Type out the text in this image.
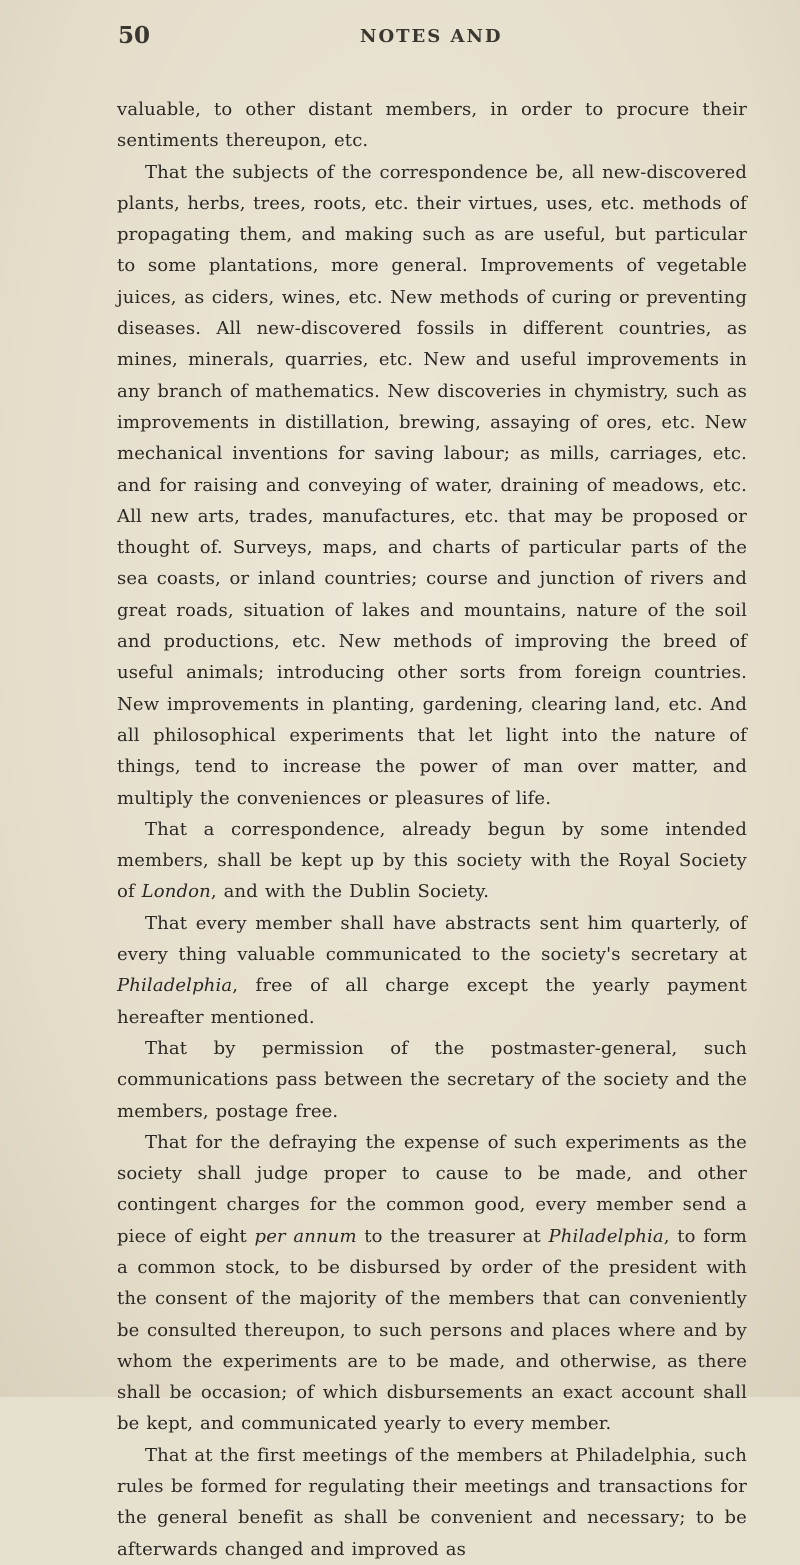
50	NOTES AND

valuable, to other distant members, in order to procure their sentiments thereupon, etc.

That the subjects of the correspondence be, all new-discovered plants, herbs, trees, roots, etc. their virtues, uses, etc. methods of propagating them, and making such as are useful, but particular to some plantations, more general. Improvements of vegetable juices, as ciders, wines, etc. New methods of curing or preventing diseases. All new-discovered fossils in different countries, as mines, minerals, quarries, etc. New and useful improvements in any branch of mathematics. New discoveries in chymistry, such as improvements in distillation, brewing, assaying of ores, etc. New mechanical inventions for saving labour; as mills, carriages, etc. and for raising and conveying of water, draining of meadows, etc. All new arts, trades, manufactures, etc. that may be proposed or thought of. Surveys, maps, and charts of particular parts of the sea coasts, or inland countries; course and junction of rivers and great roads, situation of lakes and mountains, nature of the soil and productions, etc. New methods of improving the breed of useful animals; introducing other sorts from foreign countries. New improvements in planting, gardening, clearing land, etc. And all philosophical experiments that let light into the nature of things, tend to increase the power of man over matter, and multiply the conveniences or pleasures of life.

That a correspondence, already begun by some intended members, shall be kept up by this society with the Royal Society of London, and with the Dublin Society.

That every member shall have abstracts sent him quarterly, of every thing valuable communicated to the society's secretary at Philadelphia, free of all charge except the yearly payment hereafter mentioned.

That by permission of the postmaster-general, such communications pass between the secretary of the society and the members, postage free.

That for the defraying the expense of such experiments as the society shall judge proper to cause to be made, and other contingent charges for the common good, every member send a piece of eight per annum to the treasurer at Philadelphia, to form a common stock, to be disbursed by order of the president with the consent of the majority of the members that can conveniently be consulted thereupon, to such persons and places where and by whom the experiments are to be made, and otherwise, as there shall be occasion; of which disbursements an exact account shall be kept, and communicated yearly to every member.

That at the first meetings of the members at Philadelphia, such rules be formed for regulating their meetings and transactions for the general benefit as shall be convenient and necessary; to be afterwards changed and improved as
